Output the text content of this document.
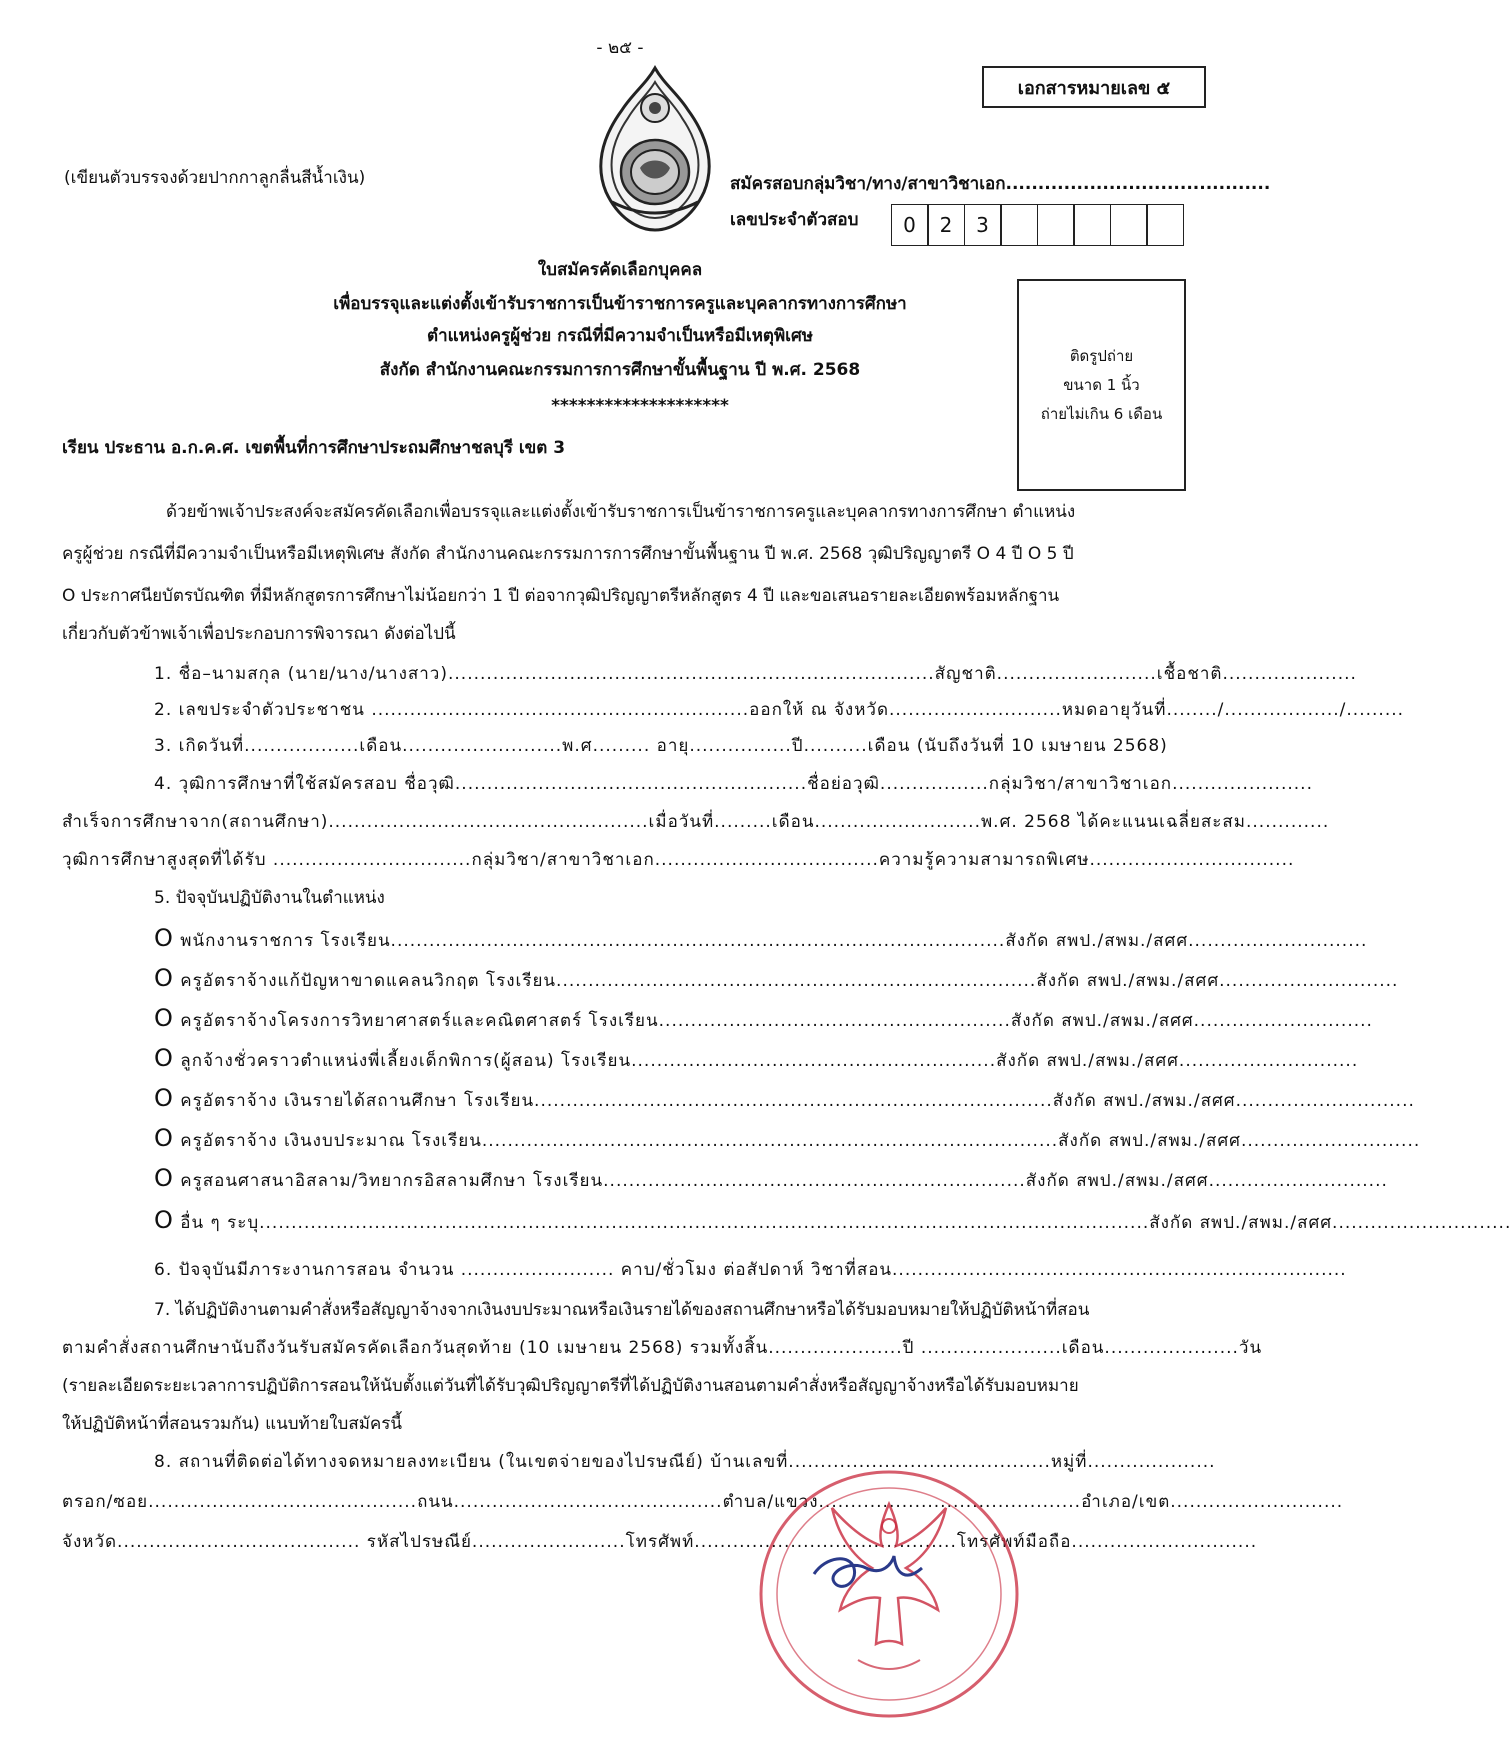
- ๒๕ -
เอกสารหมายเลข ๕
(เขียนตัวบรรจงด้วยปากกาลูกลื่นสีน้ำเงิน)	สมัครสอบกลุ่มวิชา/ทาง/สาขาวิชาเอก.........................................
เลขประจำตัวสอบ	0	2	3
ใบสมัครคัดเลือกบุคคล
เพื่อบรรจุและแต่งตั้งเข้ารับราชการเป็นข้าราชการครูและบุคลากรทางการศึกษา
ตำแหน่งครูผู้ช่วย กรณีที่มีความจำเป็นหรือมีเหตุพิเศษ
สังกัด สำนักงานคณะกรรมการการศึกษาขั้นพื้นฐาน ปี พ.ศ. 2568
********************
ติดรูปถ่าย
ขนาด 1 นิ้ว
ถ่ายไม่เกิน 6 เดือน
เรียน ประธาน อ.ก.ค.ศ. เขตพื้นที่การศึกษาประถมศึกษาชลบุรี เขต 3
ด้วยข้าพเจ้าประสงค์จะสมัครคัดเลือกเพื่อบรรจุและแต่งตั้งเข้ารับราชการเป็นข้าราชการครูและบุคลากรทางการศึกษา ตำแหน่ง
ครูผู้ช่วย กรณีที่มีความจำเป็นหรือมีเหตุพิเศษ สังกัด สำนักงานคณะกรรมการการศึกษาขั้นพื้นฐาน ปี พ.ศ. 2568 วุฒิปริญญาตรี O 4 ปี O 5 ปี
O ประกาศนียบัตรบัณฑิต ที่มีหลักสูตรการศึกษาไม่น้อยกว่า 1 ปี ต่อจากวุฒิปริญญาตรีหลักสูตร 4 ปี และขอเสนอรายละเอียดพร้อมหลักฐาน
เกี่ยวกับตัวข้าพเจ้าเพื่อประกอบการพิจารณา ดังต่อไปนี้
1. ชื่อ–นามสกุล (นาย/นาง/นางสาว)............................................................................สัญชาติ.........................เชื้อชาติ.....................
2. เลขประจำตัวประชาชน ...........................................................ออกให้ ณ จังหวัด...........................หมดอายุวันที่......../................../.........
3. เกิดวันที่..................เดือน.........................พ.ศ......... อายุ................ปี..........เดือน (นับถึงวันที่ 10 เมษายน 2568)
4. วุฒิการศึกษาที่ใช้สมัครสอบ ชื่อวุฒิ.......................................................ชื่อย่อวุฒิ.................กลุ่มวิชา/สาขาวิชาเอก......................
สำเร็จการศึกษาจาก(สถานศึกษา)..................................................เมื่อวันที่.........เดือน..........................พ.ศ. 2568 ได้คะแนนเฉลี่ยสะสม.............
วุฒิการศึกษาสูงสุดที่ได้รับ ...............................กลุ่มวิชา/สาขาวิชาเอก...................................ความรู้ความสามารถพิเศษ................................
5. ปัจจุบันปฏิบัติงานในตำแหน่ง
O พนักงานราชการ โรงเรียน................................................................................................สังกัด สพป./สพม./สศศ............................
O ครูอัตราจ้างแก้ปัญหาขาดแคลนวิกฤต โรงเรียน...........................................................................สังกัด สพป./สพม./สศศ............................
O ครูอัตราจ้างโครงการวิทยาศาสตร์และคณิตศาสตร์ โรงเรียน.......................................................สังกัด สพป./สพม./สศศ............................
O ลูกจ้างชั่วคราวตำแหน่งพี่เลี้ยงเด็กพิการ(ผู้สอน) โรงเรียน.........................................................สังกัด สพป./สพม./สศศ............................
O ครูอัตราจ้าง เงินรายได้สถานศึกษา โรงเรียน.................................................................................สังกัด สพป./สพม./สศศ............................
O ครูอัตราจ้าง เงินงบประมาณ โรงเรียน..........................................................................................สังกัด สพป./สพม./สศศ............................
O ครูสอนศาสนาอิสลาม/วิทยากรอิสลามศึกษา โรงเรียน..................................................................สังกัด สพป./สพม./สศศ............................
O อื่น ๆ ระบุ...........................................................................................................................................สังกัด สพป./สพม./สศศ............................
6. ปัจจุบันมีภาระงานการสอน จำนวน ........................ คาบ/ชั่วโมง ต่อสัปดาห์ วิชาที่สอน.......................................................................
7. ได้ปฏิบัติงานตามคำสั่งหรือสัญญาจ้างจากเงินงบประมาณหรือเงินรายได้ของสถานศึกษาหรือได้รับมอบหมายให้ปฏิบัติหน้าที่สอน
ตามคำสั่งสถานศึกษานับถึงวันรับสมัครคัดเลือกวันสุดท้าย (10 เมษายน 2568) รวมทั้งสิ้น.....................ปี ......................เดือน.....................วัน
(รายละเอียดระยะเวลาการปฏิบัติการสอนให้นับตั้งแต่วันที่ได้รับวุฒิปริญญาตรีที่ได้ปฏิบัติงานสอนตามคำสั่งหรือสัญญาจ้างหรือได้รับมอบหมาย
ให้ปฏิบัติหน้าที่สอนรวมกัน) แนบท้ายใบสมัครนี้
8. สถานที่ติดต่อได้ทางจดหมายลงทะเบียน (ในเขตจ่ายของไปรษณีย์) บ้านเลขที่.........................................หมู่ที่....................
ตรอก/ซอย..........................................ถนน..........................................ตำบล/แขวง.........................................อำเภอ/เขต...........................
จังหวัด...................................... รหัสไปรษณีย์........................โทรศัพท์.........................................โทรศัพท์มือถือ.............................
